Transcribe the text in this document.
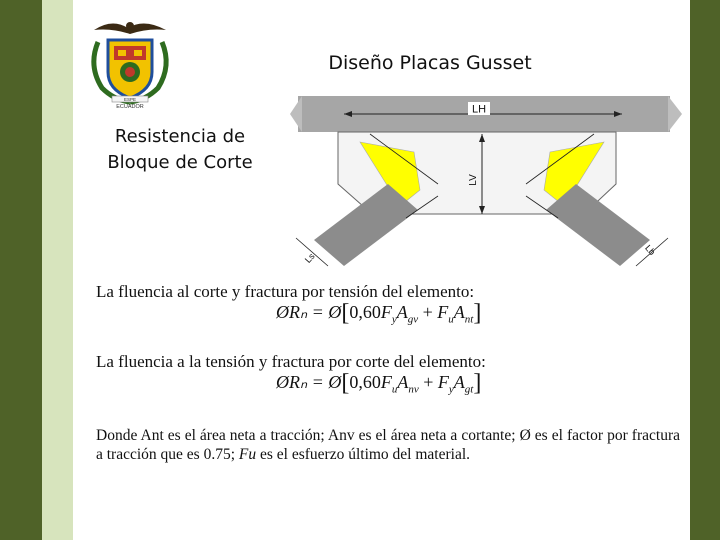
ESPE
ECUADOR
Diseño Placas Gusset
Resistencia de
Bloque de Corte
LH
LV
Ls
Lb
La fluencia al corte y fractura por tensión del elemento:
ØRₙ = $Ø[0,60F_yA_{gv} + F_uA_{nt}]$
La fluencia a la tensión y fractura por corte del elemento:
ØRₙ = $Ø[0,60F_uA_{nv} + F_yA_{gt}]$
Donde Ant es el área neta a tracción; Anv es el área neta a cortante; Ø es el factor por fractura a tracción que es 0.75; Fu es el esfuerzo último del material.
